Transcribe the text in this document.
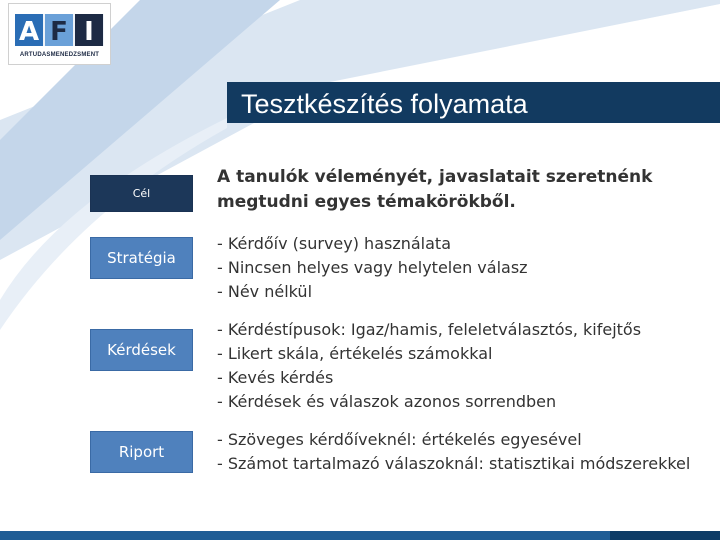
A F I
ARTUDASMENEDZSMENT
Tesztkészítés folyamata
Cél
A tanulók véleményét, javaslatait szeretnénk
megtudni egyes témakörökből.
Stratégia
- Kérdőív (survey) használata
- Nincsen helyes vagy helytelen válasz
- Név nélkül
Kérdések
- Kérdéstípusok: Igaz/hamis, feleletválasztós, kifejtős
- Likert skála, értékelés számokkal
- Kevés kérdés
- Kérdések és válaszok azonos sorrendben
Riport
- Szöveges kérdőíveknél: értékelés egyesével
- Számot tartalmazó válaszoknál: statisztikai módszerekkel
